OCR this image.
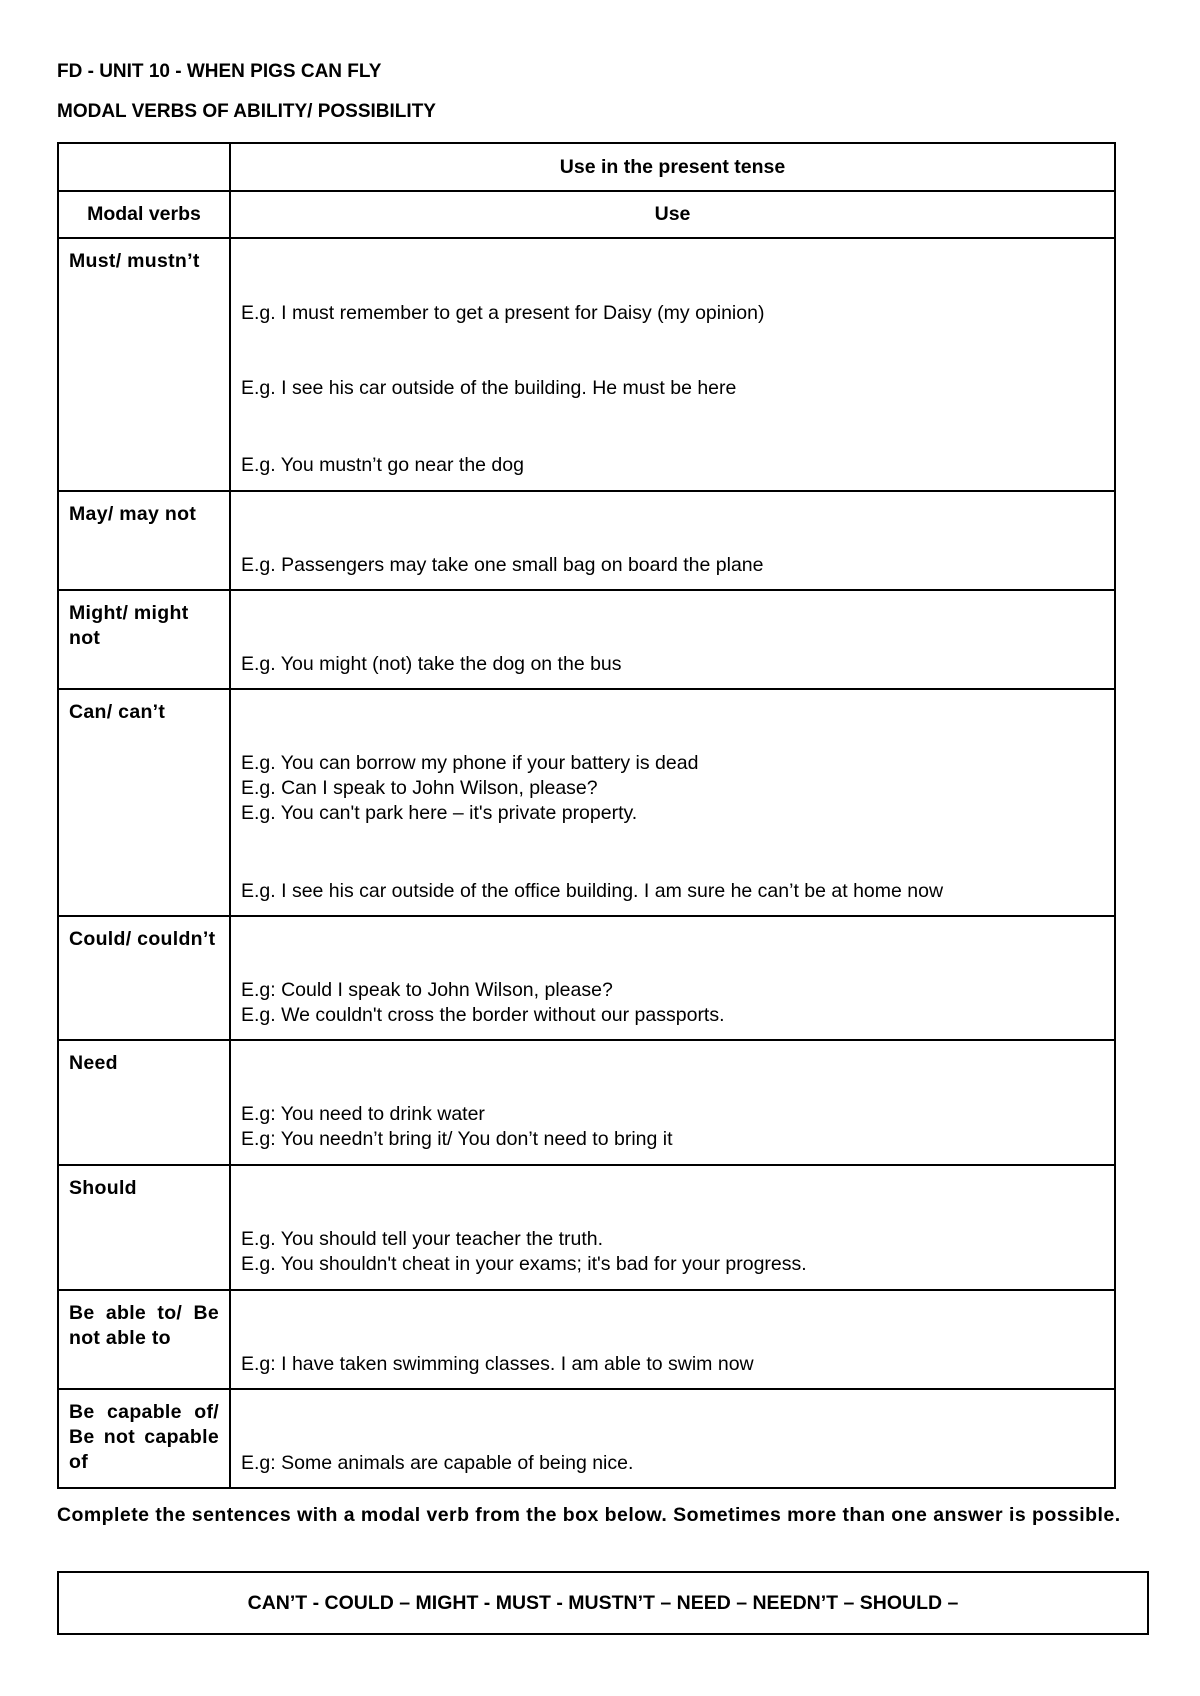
FD - UNIT 10 - WHEN PIGS CAN FLY

MODAL VERBS OF ABILITY/ POSSIBILITY

	Use in the present tense
Modal verbs	Use
Must/ mustn’t	E.g. I must remember to get a present for Daisy (my opinion)
E.g. I see his car outside of the building. He must be here
E.g. You mustn’t go near the dog

May/ may not	E.g. Passengers may take one small bag on board the plane

Might/ might not	E.g. You might (not) take the dog on the bus

Can/ can’t	E.g. You can borrow my phone if your battery is dead
E.g. Can I speak to John Wilson, please?
E.g. You can't park here – it's private property.
E.g. I see his car outside of the office building. I am sure he can’t be at home now

Could/ couldn’t	E.g: Could I speak to John Wilson, please?
E.g. We couldn't cross the border without our passports.

Need	E.g: You need to drink water
E.g: You needn’t bring it/ You don’t need to bring it

Should	E.g. You should tell your teacher the truth.
E.g. You shouldn't cheat in your exams; it's bad for your progress.

Be able to/ Be not able to	E.g: I have taken swimming classes. I am able to swim now

Be capable of/ Be not capable of	E.g: Some animals are capable of being nice.

Complete the sentences with a modal verb from the box below. Sometimes more than one answer is possible.

CAN’T - COULD – MIGHT - MUST - MUSTN’T – NEED – NEEDN’T – SHOULD –
